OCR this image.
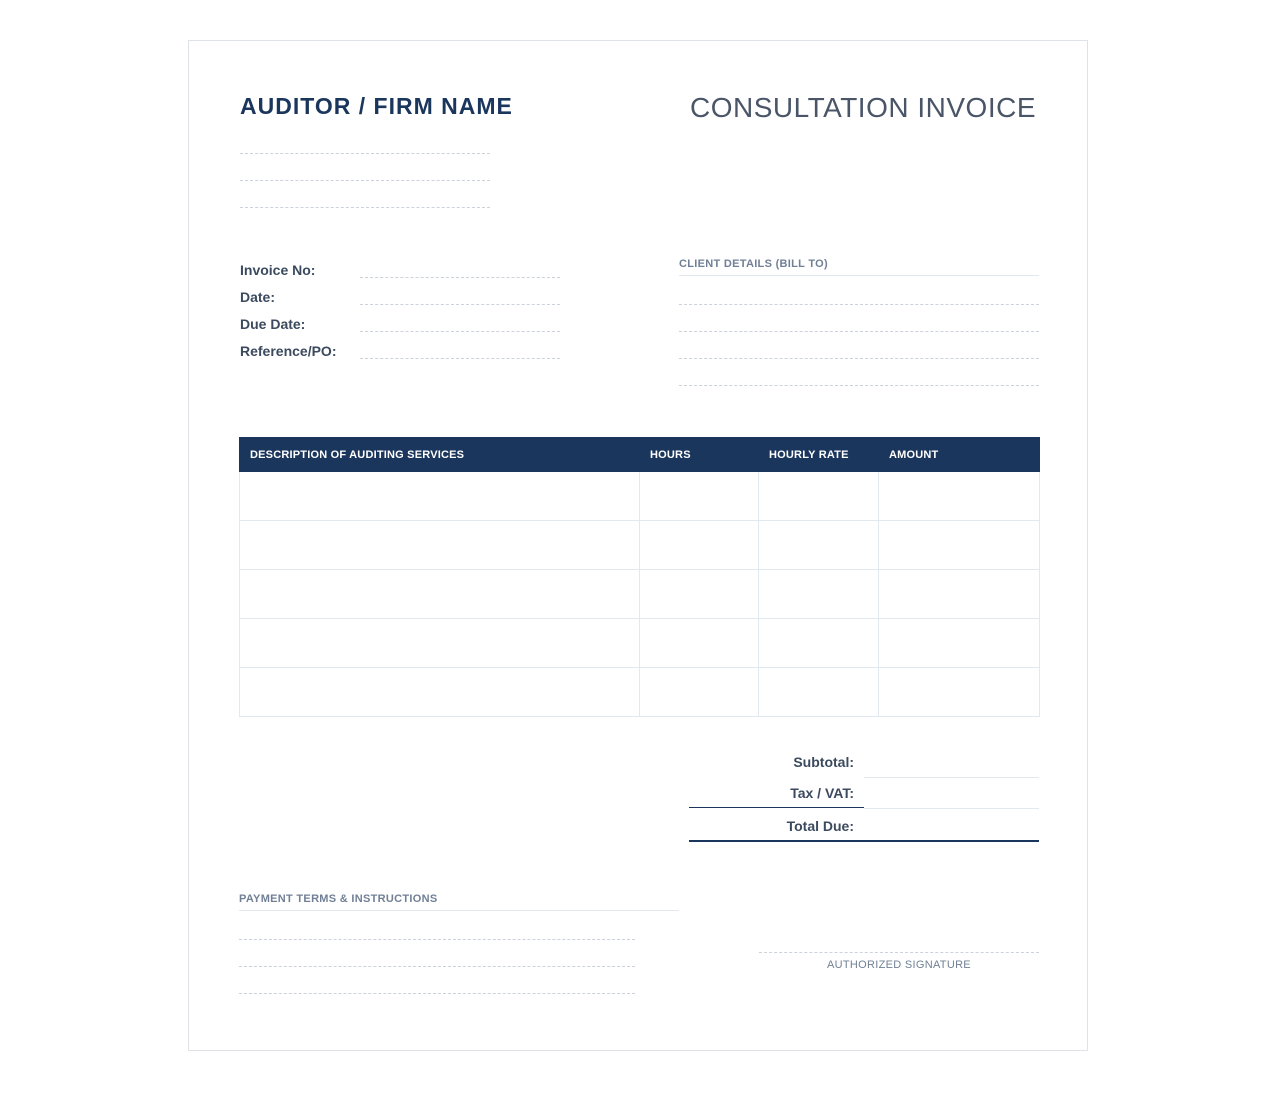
AUDITOR / FIRM NAME	CONSULTATION INVOICE
Invoice No:
Date:
Due Date:
Reference/PO:
CLIENT DETAILS (BILL TO)
DESCRIPTION OF AUDITING SERVICES	HOURS	HOURLY RATE	AMOUNT

Subtotal:
Tax / VAT:
Total Due:
PAYMENT TERMS & INSTRUCTIONS
AUTHORIZED SIGNATURE
